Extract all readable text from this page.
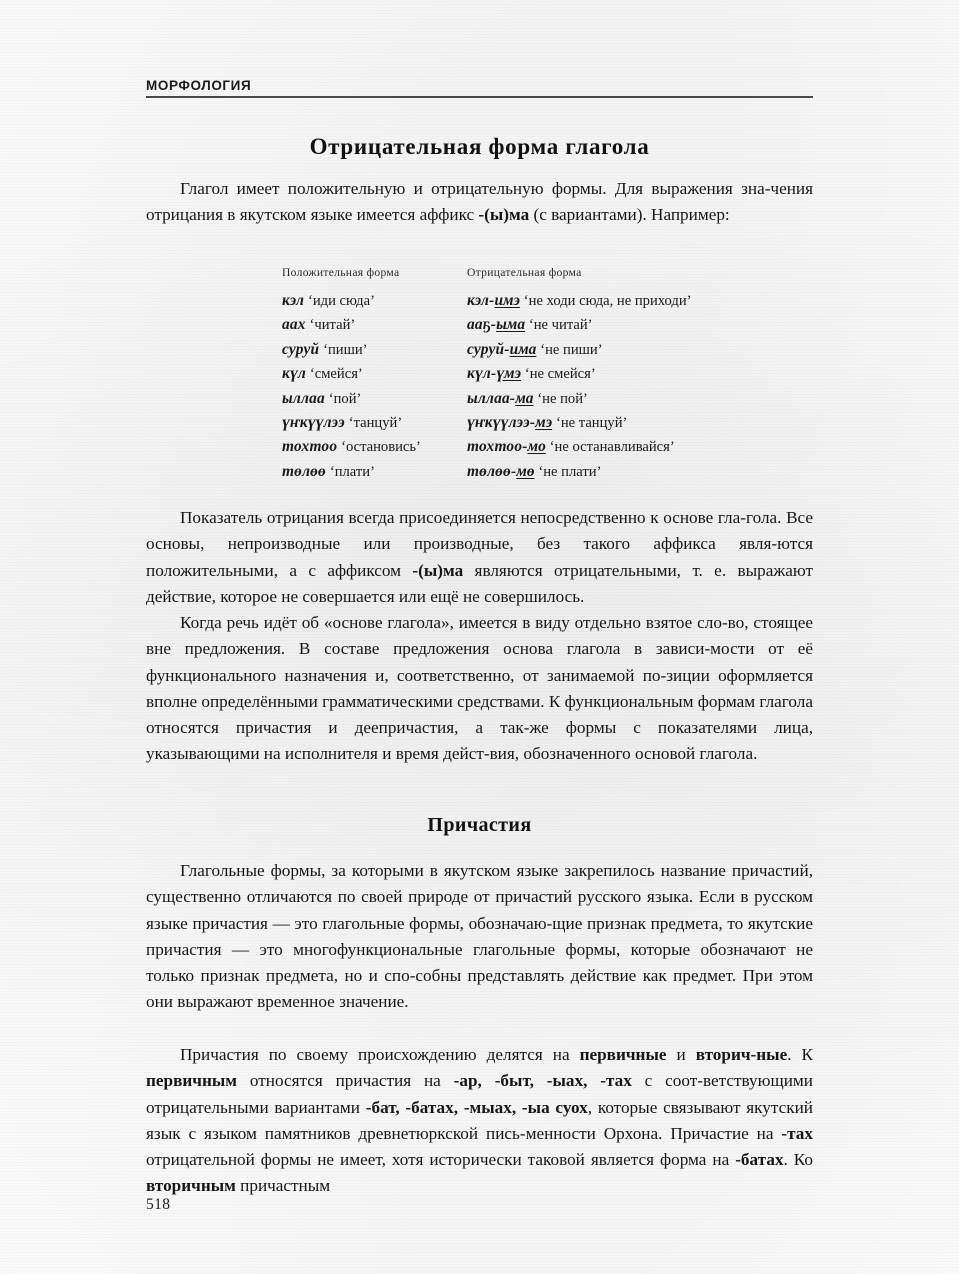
МОРФОЛОГИЯ
Отрицательная форма глагола

Глагол имеет положительную и отрицательную формы. Для выражения зна-чения отрицания в якутском языке имеется аффикс -(ы)ма (с вариантами). Например:

Положительная форма	Отрицательная форма
кэл ‘иди сюда’	кэл-имэ ‘не ходи сюда, не приходи’
аах ‘читай’	ааҕ-ыма ‘не читай’
суруй ‘пиши’	суруй-има ‘не пиши’
күл ‘смейся’	күл-үмэ ‘не смейся’
ыллаа ‘пой’	ыллаа-ма ‘не пой’
үҥкүүлээ ‘танцуй’	үҥкүүлээ-мэ ‘не танцуй’
тохтоо ‘остановись’	тохтоо-мо ‘не останавливайся’
төлөө ‘плати’	төлөө-мө ‘не плати’

Показатель отрицания всегда присоединяется непосредственно к основе гла-гола. Все основы, непроизводные или производные, без такого аффикса явля-ются положительными, а с аффиксом -(ы)ма являются отрицательными, т. е. выражают действие, которое не совершается или ещё не совершилось.

Когда речь идёт об «основе глагола», имеется в виду отдельно взятое сло-во, стоящее вне предложения. В составе предложения основа глагола в зависи-мости от её функционального назначения и, соответственно, от занимаемой по-зиции оформляется вполне определёнными грамматическими средствами. К функциональным формам глагола относятся причастия и деепричастия, а так-же формы с показателями лица, указывающими на исполнителя и время дейст-вия, обозначенного основой глагола.

Причастия

Глагольные формы, за которыми в якутском языке закрепилось название причастий, существенно отличаются по своей природе от причастий русского языка. Если в русском языке причастия — это глагольные формы, обозначаю-щие признак предмета, то якутские причастия — это многофункциональные глагольные формы, которые обозначают не только признак предмета, но и спо-собны представлять действие как предмет. При этом они выражают временное значение.

Причастия по своему происхождению делятся на первичные и вторич-ные. К первичным относятся причастия на -ар, -быт, -ыах, -тах с соот-ветствующими отрицательными вариантами -бат, -батах, -мыах, -ыа суох, которые связывают якутский язык с языком памятников древнетюркской пись-менности Орхона. Причастие на -тах отрицательной формы не имеет, хотя исторически таковой является форма на -батах. Ко вторичным причастным

518
